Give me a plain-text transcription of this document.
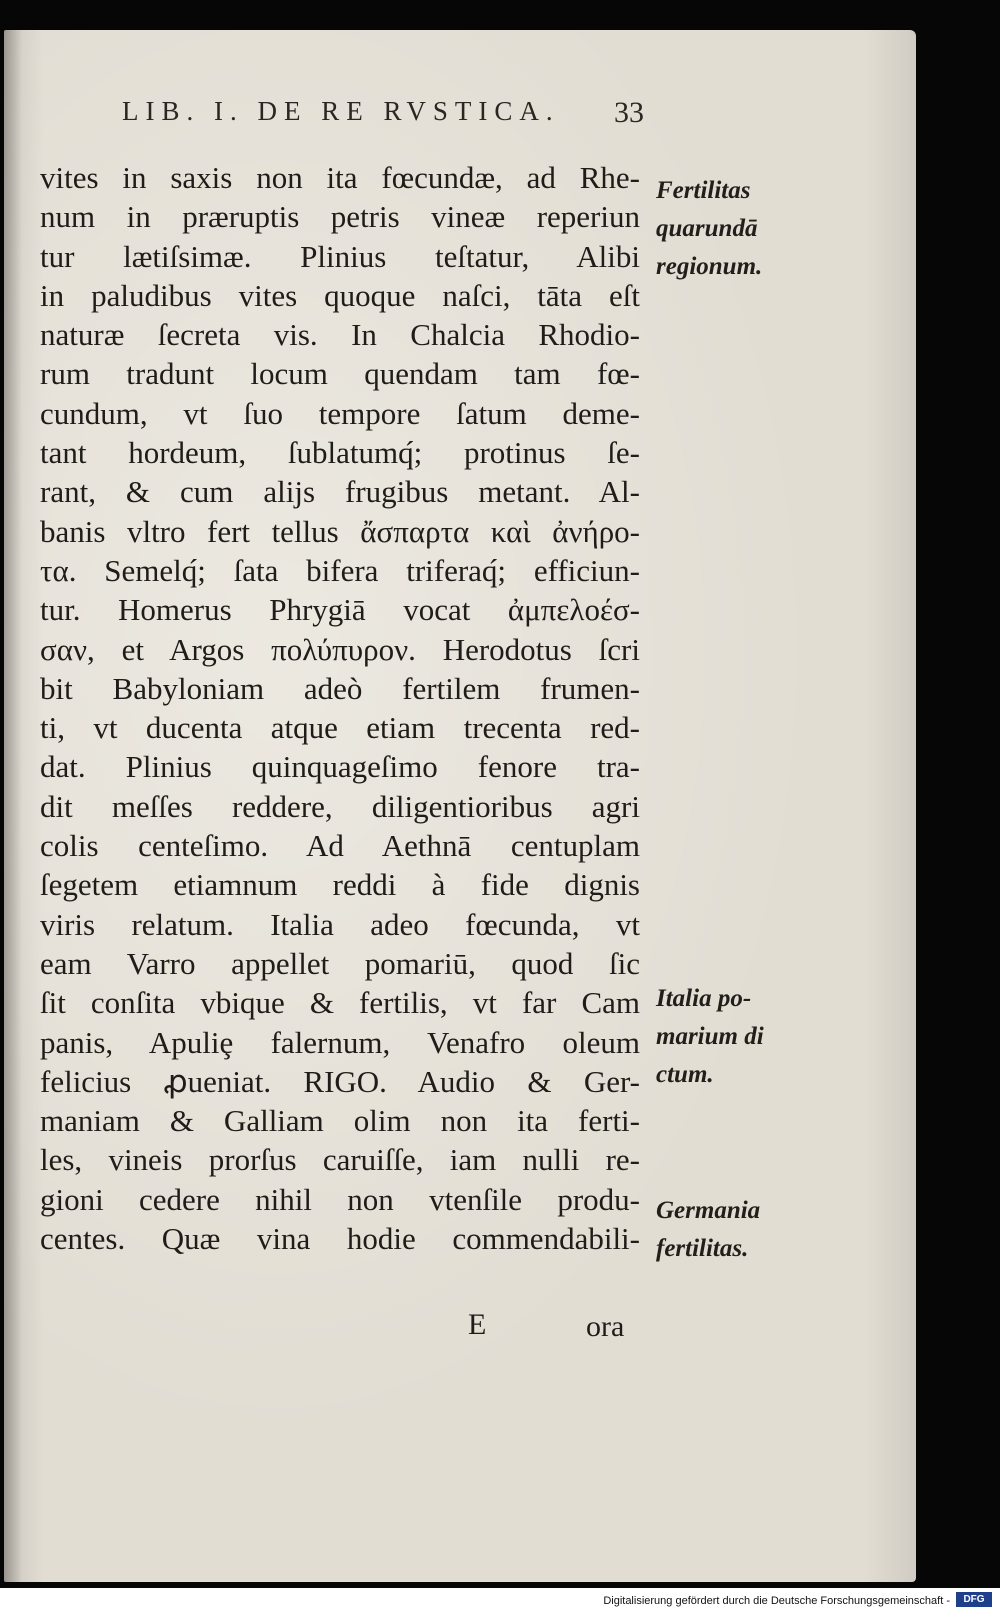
LIB. I. DE RE RVSTICA. 33
vites in saxis non ita fœcundæ, ad Rhe-
num in præruptis petris vineæ reperiun
tur lætiſsimæ. Plinius teſtatur, Alibi
in paludibus vites quoque naſci, tāta eſt
naturæ ſecreta vis. In Chalcia Rhodio-
rum tradunt locum quendam tam fœ-
cundum, vt ſuo tempore ſatum deme-
tant hordeum, ſublatumq́; protinus ſe-
rant, & cum alijs frugibus metant. Al-
banis vltro fert tellus ἄσπαρτα καὶ ἀνήρο-
τα. Semelq́; ſata bifera triferaq́; efficiun-
tur. Homerus Phrygiā vocat ἀμπελοέσ-
σαν, et Argos πολύπυρον. Herodotus ſcri
bit Babyloniam adeò fertilem frumen-
ti, vt ducenta atque etiam trecenta red-
dat. Plinius quinquageſimo fenore tra-
dit meſſes reddere, diligentioribus agri
colis centeſimo. Ad Aethnā centuplam
ſegetem etiamnum reddi à fide dignis
viris relatum. Italia adeo fœcunda, vt
eam Varro appellet pomariū, quod ſic
ſit conſita vbique & fertilis, vt far Cam
panis, Apuliȩ falernum, Venafro oleum
felicius ꝓueniat. RIGO. Audio & Ger-
maniam & Galliam olim non ita ferti-
les, vineis prorſus caruiſſe, iam nulli re-
gioni cedere nihil non vtenſile produ-
centes. Quæ vina hodie commendabili-
Fertilitas
quarundā
regionum.
Italia po-
marium di
ctum.
Germania
fertilitas.
E	ora
Digitalisierung gefördert durch die Deutsche Forschungsgemeinschaft -	DFG
